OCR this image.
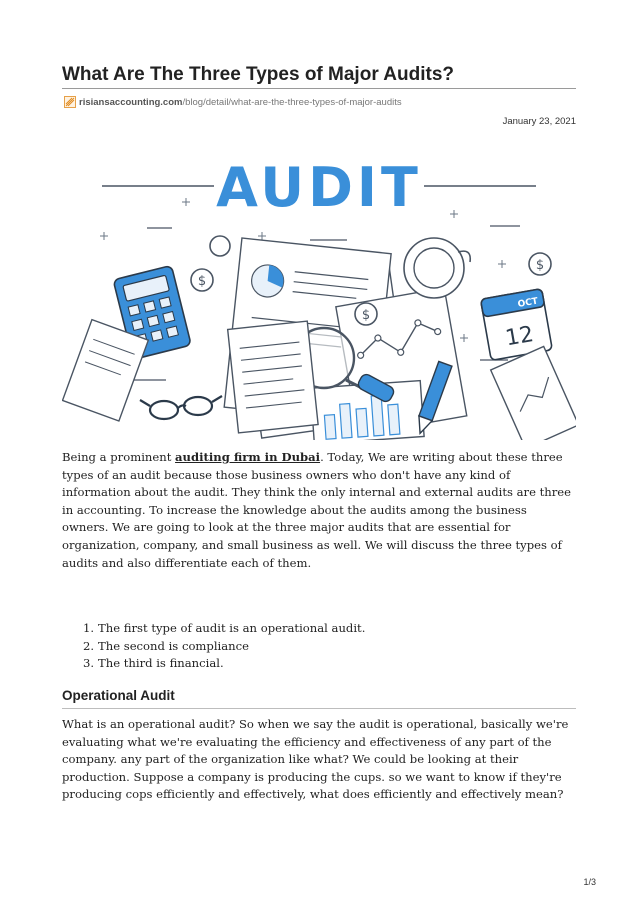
What Are The Three Types of Major Audits?
risiansaccounting.com /blog/detail/what-are-the-three-types-of-major-audits
January 23, 2021
AUDIT
$
$
$
OCT
12

Being a prominent auditing firm in Dubai. Today, We are writing about these three types of an audit because those business owners who don't have any kind of information about the audit. They think the only internal and external audits are three in accounting. To increase the knowledge about the audits among the business owners. We are going to look at the three major audits that are essential for organization, company, and small business as well. We will discuss the three types of audits and also differentiate each of them.

1. The first type of audit is an operational audit.
2. The second is compliance
3. The third is financial.
Operational Audit

What is an operational audit? So when we say the audit is operational, basically we're evaluating what we're evaluating the efficiency and effectiveness of any part of the company. any part of the organization like what? We could be looking at their production. Suppose a company is producing the cups. so we want to know if they're producing cops efficiently and effectively, what does efficiently and effectively mean?

1/3
